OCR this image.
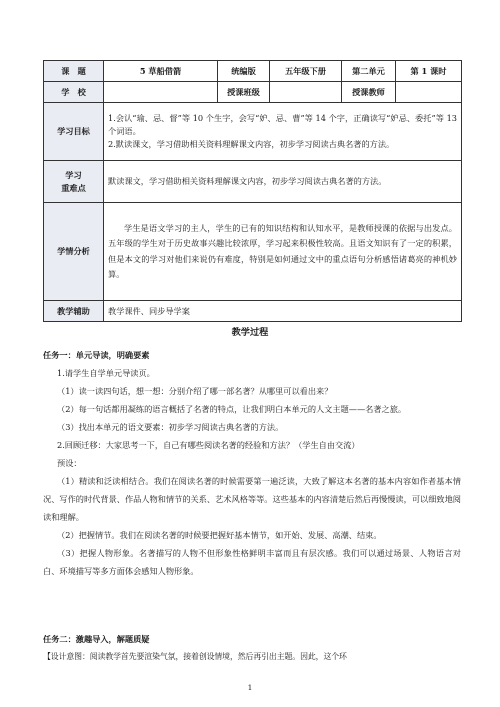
课　题	5 草船借箭	统编版	五年级下册	第二单元	第 1 课时
学　校		授课班级		授课教师	
学习目标	1.会认“瑜、忌、督”等 10 个生字，会写“妒、忌、曹”等 14 个字，正确读写“妒忌、委托”等 13 个词语。
2.默读课文，学习借助相关资料理解课文内容，初步学习阅读古典名著的方法。				

学习
重难点	默读课文，学习借助相关资料理解课文内容，初步学习阅读古典名著的方法。				
学情分析	学生是语文学习的主人，学生的已有的知识结构和认知水平，是教师授课的依据与出发点。五年级的学生对于历史故事兴趣比较浓厚，学习起来积极性较高。且语文知识有了一定的积累，但是本文的学习对他们来说仍有难度，特别是如何通过文中的重点语句分析感悟诸葛亮的神机妙算。				
教学辅助	教学课件、同步导学案				
教学过程
任务一：单元导读，明确要素
1.请学生自学单元导读页。
（1）读一读四句话，想一想：分别介绍了哪一部名著？从哪里可以看出来？
（2）每一句话都用凝练的语言概括了名著的特点，让我们明白本单元的人文主题——名著之旅。
（3）找出本单元的语文要素：初步学习阅读古典名著的方法。
2.回顾迁移：大家思考一下，自己有哪些阅读名著的经验和方法？（学生自由交流）
预设：
（1）精读和泛读相结合。我们在阅读名著的时候需要第一遍泛读，大致了解这本名著的基本内容如作者基本情况、写作的时代背景、作品人物和情节的关系、艺术风格等等。这些基本的内容清楚后然后再慢慢读，可以细致地阅读和理解。
（2）把握情节。我们在阅读名著的时候要把握好基本情节，如开始、发展、高潮、结束。
（3）把握人物形象。名著描写的人物不但形象性格鲜明丰富而且有层次感。我们可以通过场景、人物语言对白、环境描写等多方面体会感知人物形象。
任务二：激趣导入，解题质疑
【设计意图：阅读教学首先要渲染气氛，接着创设情境，然后再引出主题。因此，这个环
1
